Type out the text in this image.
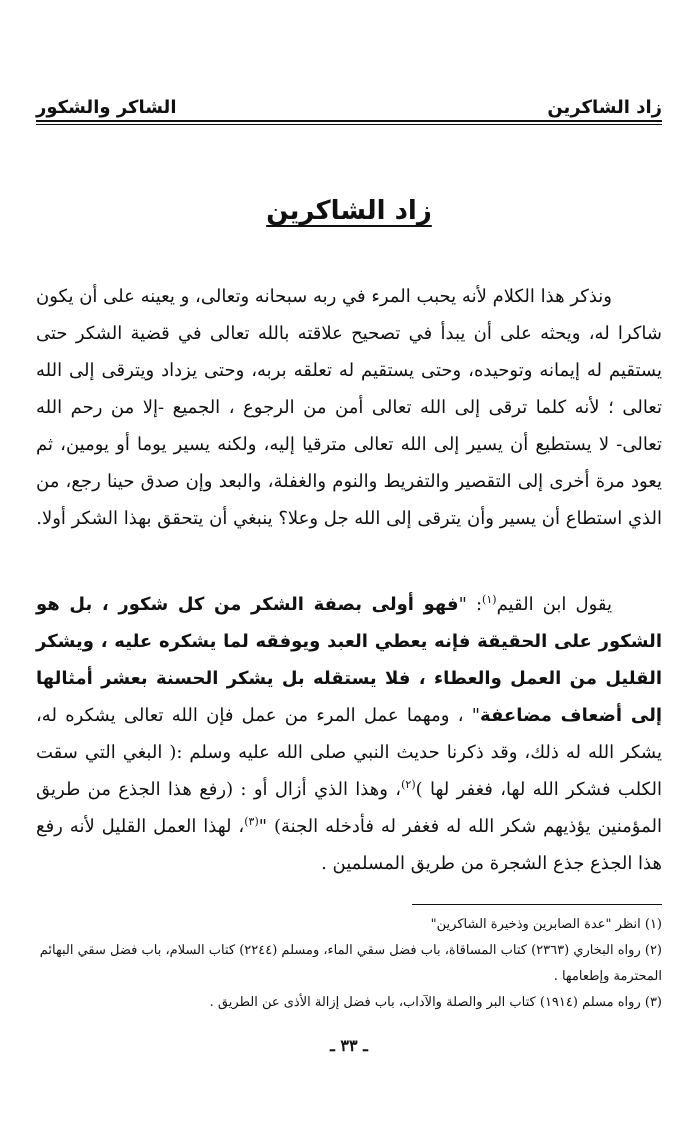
زاد الشاكرين
الشاكر والشكور
زاد الشاكرين

ونذكر هذا الكلام لأنه يحبب المرء في ربه سبحانه وتعالى، و يعينه على أن يكون شاكرا له، ويحثه على أن يبدأ في تصحيح علاقته بالله تعالى في قضية الشكر حتى يستقيم له إيمانه وتوحيده، وحتى يستقيم له تعلقه بربه، وحتى يزداد ويترقى إلى الله تعالى ؛ لأنه كلما ترقى إلى الله تعالى أمن من الرجوع ، الجميع -إلا من رحم الله تعالى- لا يستطيع أن يسير إلى الله تعالى مترقيا إليه، ولكنه يسير يوما أو يومين، ثم يعود مرة أخرى إلى التقصير والتفريط والنوم والغفلة، والبعد وإن صدق حينا رجع، من الذي استطاع أن يسير وأن يترقى إلى الله جل وعلا؟ ينبغي أن يتحقق بهذا الشكر أولا.

يقول ابن القيم$^{(١)}$: "فهو أولى بصفة الشكر من كل شكور ، بل هو الشكور على الحقيقة فإنه يعطي العبد ويوفقه لما يشكره عليه ، ويشكر القليل من العمل والعطاء ، فلا يستقله بل يشكر الحسنة بعشر أمثالها إلى أضعاف مضاعفة" ، ومهما عمل المرء من عمل فإن الله تعالى يشكره له، يشكر الله له ذلك، وقد ذكرنا حديث النبي صلى الله عليه وسلم :( البغي التي سقت الكلب فشكر الله لها، فغفر لها )$^{(٢)}$، وهذا الذي أزال أو : (رفع هذا الجذع من طريق المؤمنين يؤذيهم شكر الله له فغفر له فأدخله الجنة) "$^{(٣)}$، لهذا العمل القليل لأنه رفع هذا الجذع جذع الشجرة من طريق المسلمين .

(١) انظر "عدة الصابرين وذخيرة الشاكرين"

(٢) رواه البخاري (٢٣٦٣) كتاب المساقاة، باب فضل سقي الماء، ومسلم (٢٢٤٤) كتاب السلام، باب فضل سقي البهائم المحترمة وإطعامها .

(٣) رواه مسلم (١٩١٤) كتاب البر والصلة والآداب، باب فضل إزالة الأذى عن الطريق .

ـ ٣٣ ـ
